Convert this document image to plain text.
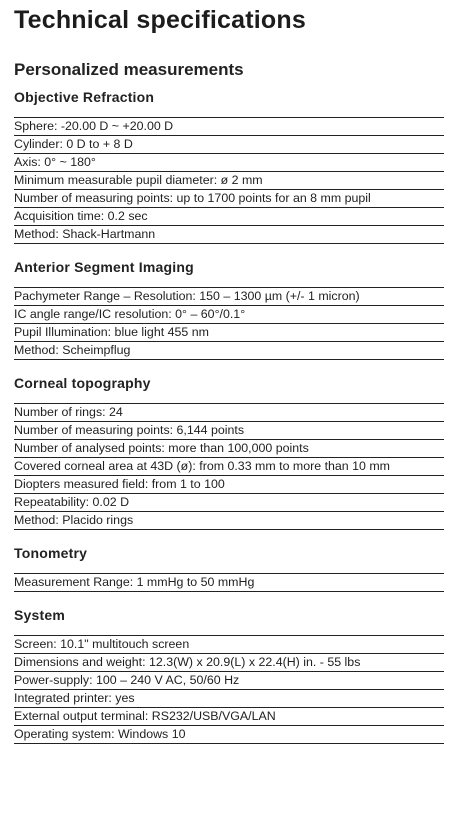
Technical specifications
Personalized measurements
Objective Refraction
Sphere: -20.00 D ~ +20.00 D
Cylinder: 0 D to + 8 D
Axis: 0° ~ 180°
Minimum measurable pupil diameter: ø 2 mm
Number of measuring points: up to 1700 points for an 8 mm pupil
Acquisition time: 0.2 sec
Method: Shack-Hartmann
Anterior Segment Imaging
Pachymeter Range – Resolution: 150 – 1300 µm (+/- 1 micron)
IC angle range/IC resolution: 0° – 60°/0.1°
Pupil Illumination: blue light 455 nm
Method: Scheimpflug
Corneal topography
Number of rings: 24
Number of measuring points: 6,144 points
Number of analysed points: more than 100,000 points
Covered corneal area at 43D (ø): from 0.33 mm to more than 10 mm
Diopters measured field: from 1 to 100
Repeatability: 0.02 D
Method: Placido rings
Tonometry
Measurement Range: 1 mmHg to 50 mmHg
System
Screen: 10.1" multitouch screen
Dimensions and weight: 12.3(W) x 20.9(L) x 22.4(H) in. - 55 lbs
Power-supply: 100 – 240 V AC, 50/60 Hz
Integrated printer: yes
External output terminal: RS232/USB/VGA/LAN
Operating system: Windows 10
